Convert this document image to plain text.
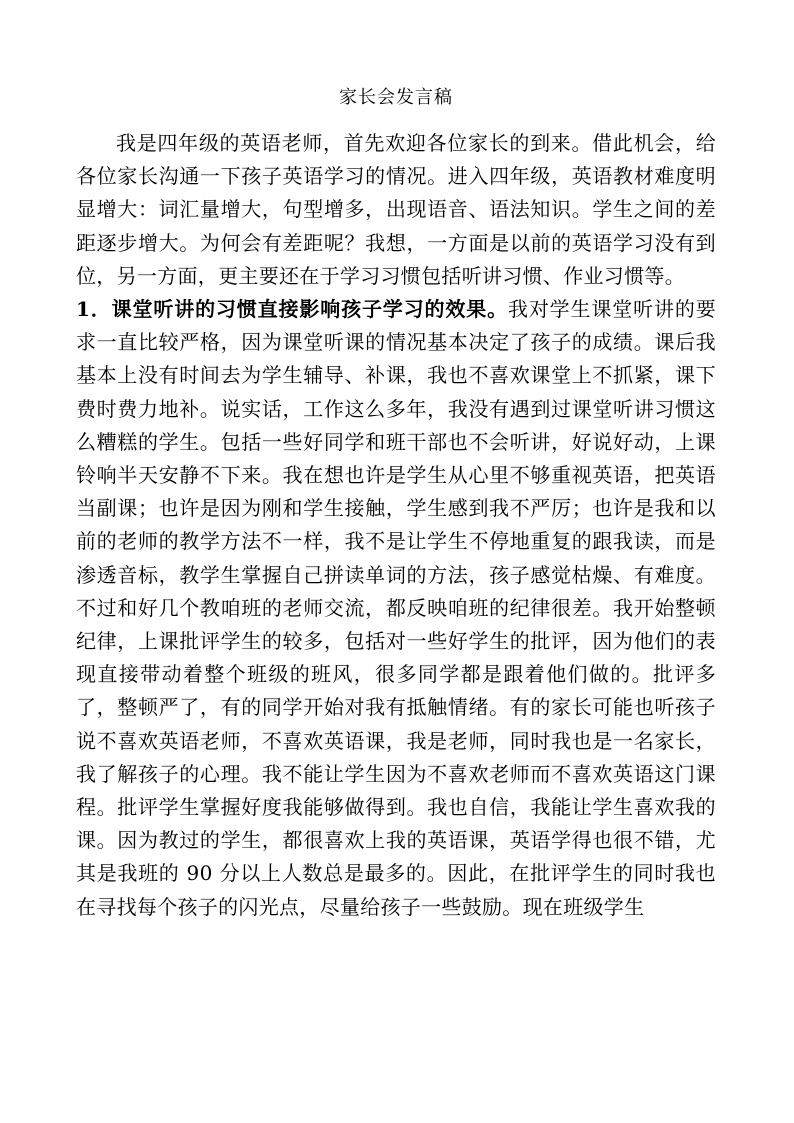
家长会发言稿

我是四年级的英语老师，首先欢迎各位家长的到来。借此机会，给各位家长沟通一下孩子英语学习的情况。进入四年级，英语教材难度明显增大：词汇量增大，句型增多，出现语音、语法知识。学生之间的差距逐步增大。为何会有差距呢？我想，一方面是以前的英语学习没有到位，另一方面，更主要还在于学习习惯包括听讲习惯、作业习惯等。

1．课堂听讲的习惯直接影响孩子学习的效果。我对学生课堂听讲的要求一直比较严格，因为课堂听课的情况基本决定了孩子的成绩。课后我基本上没有时间去为学生辅导、补课，我也不喜欢课堂上不抓紧，课下费时费力地补。说实话，工作这么多年，我没有遇到过课堂听讲习惯这么糟糕的学生。包括一些好同学和班干部也不会听讲，好说好动，上课铃响半天安静不下来。我在想也许是学生从心里不够重视英语，把英语当副课；也许是因为刚和学生接触，学生感到我不严厉；也许是我和以前的老师的教学方法不一样，我不是让学生不停地重复的跟我读，而是渗透音标，教学生掌握自己拼读单词的方法，孩子感觉枯燥、有难度。不过和好几个教咱班的老师交流，都反映咱班的纪律很差。我开始整顿纪律，上课批评学生的较多，包括对一些好学生的批评，因为他们的表现直接带动着整个班级的班风，很多同学都是跟着他们做的。批评多了，整顿严了，有的同学开始对我有抵触情绪。有的家长可能也听孩子说不喜欢英语老师，不喜欢英语课，我是老师，同时我也是一名家长，我了解孩子的心理。我不能让学生因为不喜欢老师而不喜欢英语这门课程。批评学生掌握好度我能够做得到。我也自信，我能让学生喜欢我的课。因为教过的学生，都很喜欢上我的英语课，英语学得也很不错，尤其是我班的 90 分以上人数总是最多的。因此，在批评学生的同时我也在寻找每个孩子的闪光点，尽量给孩子一些鼓励。现在班级学生
